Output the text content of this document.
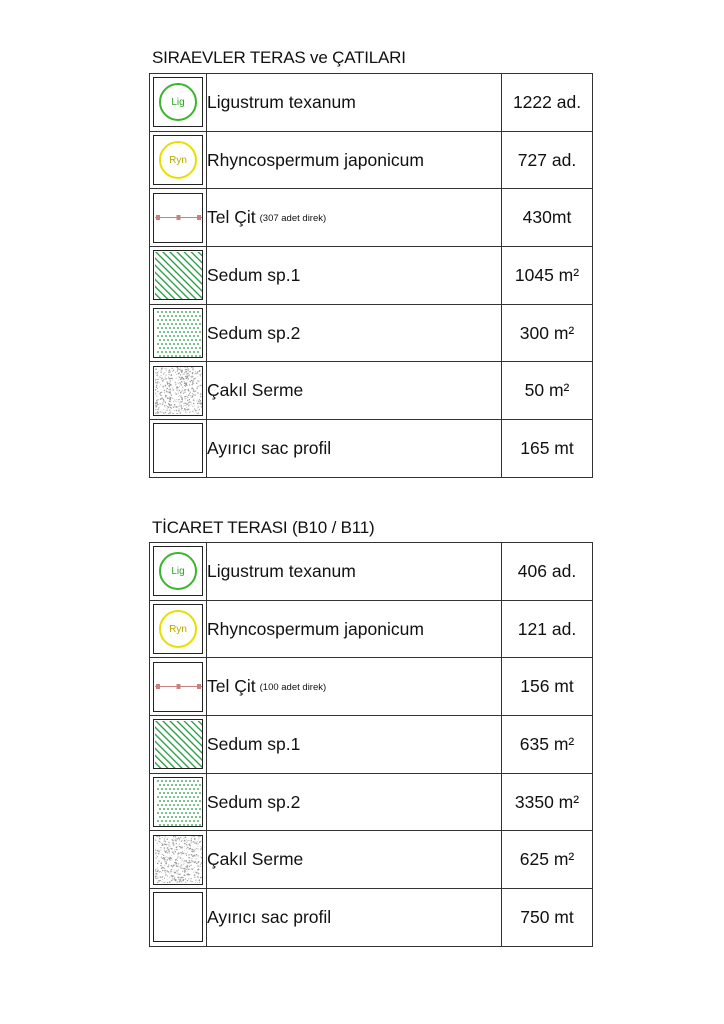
SIRAEVLER TERAS ve ÇATILARI
Lig	Ligustrum texanum	1222 ad.

Ryn	Rhyncospermum japonicum	727 ad.

	Tel Çit (307 adet direk)	430mt

	Sedum sp.1	1045 m²

	Sedum sp.2	300 m²

	Çakıl Serme	50 m²

	Ayırıcı sac profil	165 mt
TİCARET TERASI (B10 / B11)
Lig	Ligustrum texanum	406 ad.

Ryn	Rhyncospermum japonicum	121 ad.

	Tel Çit (100 adet direk)	156 mt

	Sedum sp.1	635 m²

	Sedum sp.2	3350 m²

	Çakıl Serme	625 m²

	Ayırıcı sac profil	750 mt
